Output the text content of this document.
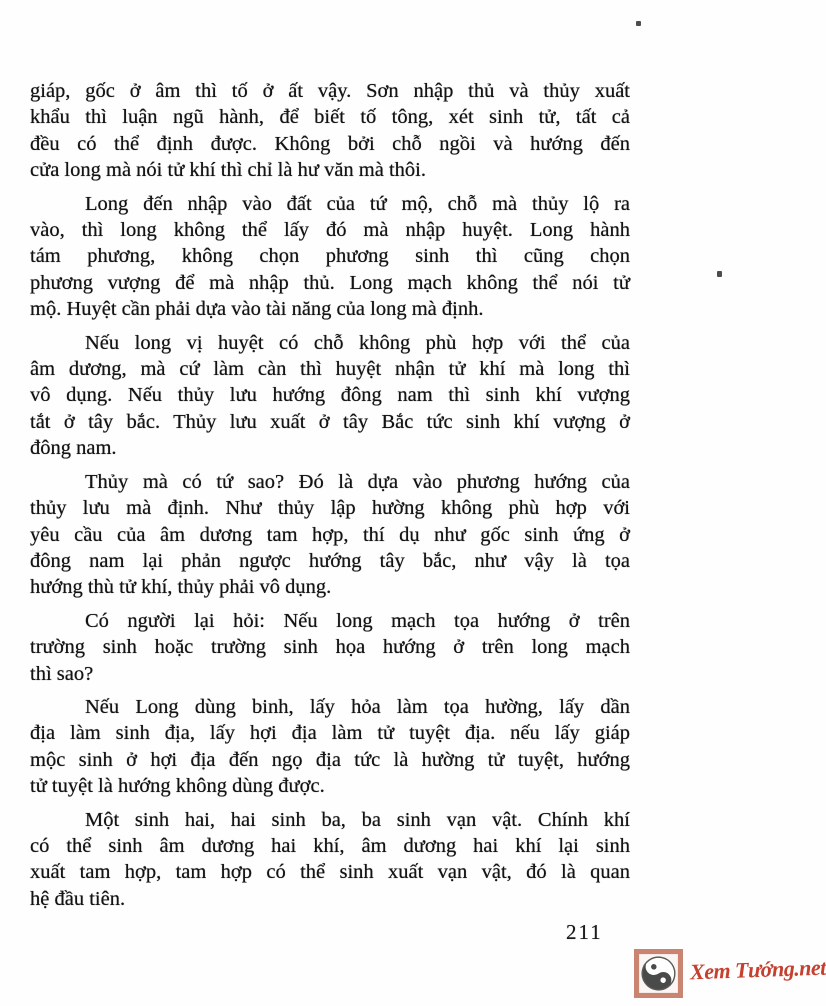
giáp, gốc ở âm thì tố ở ất vậy. Sơn nhập thủ và thủy xuất
khẩu thì luận ngũ hành, để biết tố tông, xét sinh tử, tất cả
đều có thể định được. Không bởi chỗ ngồi và hướng đến
cửa long mà nói tử khí thì chỉ là hư văn mà thôi.

Long đến nhập vào đất của tứ mộ, chỗ mà thủy lộ ra
vào, thì long không thể lấy đó mà nhập huyệt. Long hành
tám phương, không chọn phương sinh thì cũng chọn
phương vượng để mà nhập thủ. Long mạch không thể nói tử
mộ. Huyệt cần phải dựa vào tài năng của long mà định.

Nếu long vị huyệt có chỗ không phù hợp với thể của
âm dương, mà cứ làm càn thì huyệt nhận tử khí mà long thì
vô dụng. Nếu thủy lưu hướng đông nam thì sinh khí vượng
tắt ở tây bắc. Thủy lưu xuất ở tây Bắc tức sinh khí vượng ở
đông nam.

Thủy mà có tứ sao? Đó là dựa vào phương hướng của
thủy lưu mà định. Như thủy lập hường không phù hợp với
yêu cầu của âm dương tam hợp, thí dụ như gốc sinh ứng ở
đông nam lại phản ngược hướng tây bắc, như vậy là tọa
hướng thù tử khí, thủy phải vô dụng.

Có người lại hỏi: Nếu long mạch tọa hướng ở trên
trường sinh hoặc trường sinh họa hướng ở trên long mạch
thì sao?

Nếu Long dùng binh, lấy hỏa làm tọa hường, lấy dần
địa làm sinh địa, lấy hợi địa làm tử tuyệt địa. nếu lấy giáp
mộc sinh ở hợi địa đến ngọ địa tức là hường tử tuyệt, hướng
tử tuyệt là hướng không dùng được.

Một sinh hai, hai sinh ba, ba sinh vạn vật. Chính khí
có thể sinh âm dương hai khí, âm dương hai khí lại sinh
xuất tam hợp, tam hợp có thể sinh xuất vạn vật, đó là quan
hệ đầu tiên.

211
Xem Tướng.net
